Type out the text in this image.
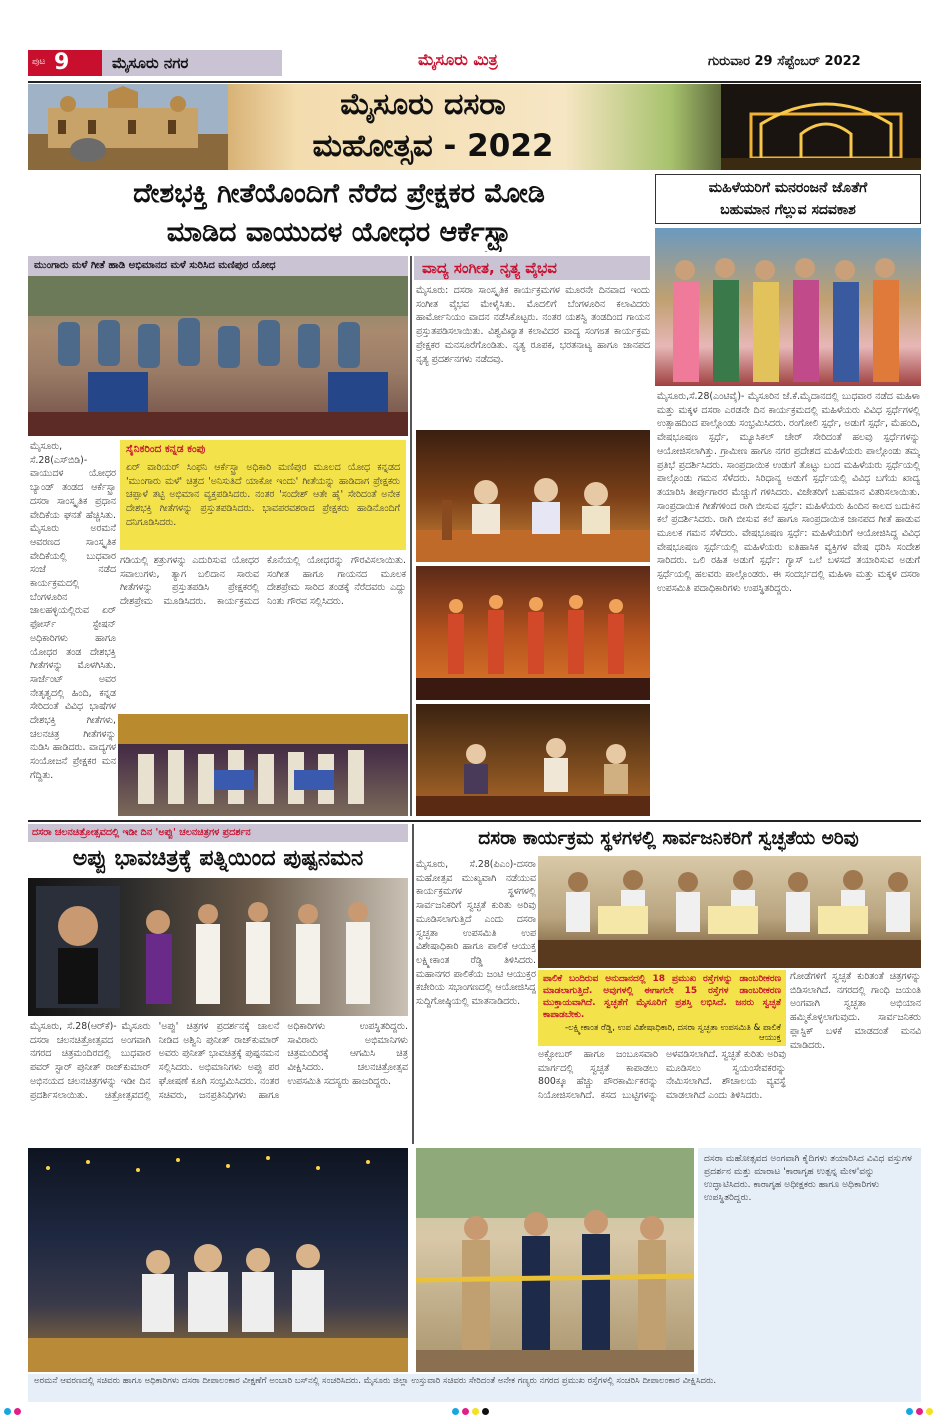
ಪುಟ 9	ಮೈಸೂರು ನಗರ	ಮೈಸೂರು ಮಿತ್ರ	ಗುರುವಾರ 29 ಸೆಪ್ಟೆಂಬರ್ 2022
ಮೈಸೂರು ದಸರಾ
ಮಹೋತ್ಸವ - 2022
ದೇಶಭಕ್ತಿ ಗೀತೆಯೊಂದಿಗೆ ನೆರೆದ ಪ್ರೇಕ್ಷಕರ ಮೋಡಿ
ಮಾಡಿದ ವಾಯುದಳ ಯೋಧರ ಆರ್ಕೆಸ್ಟ್ರಾ
ಮುಂಗಾರು ಮಳೆ ಗೀತೆ ಹಾಡಿ ಅಭಿಮಾನದ ಮಳೆ ಸುರಿಸಿದ ಮಣಿಪುರ ಯೋಧ
ಮೈಸೂರು, ಸೆ.28(ಎಸ್‌ಬಿಡಿ)- ವಾಯುದಳ ಯೋಧರ ಬ್ಯಾಂಡ್ ತಂಡದ ಆರ್ಕೆಸ್ಟ್ರಾ ದಸರಾ ಸಾಂಸ್ಕೃತಿಕ ಪ್ರಧಾನ ವೇದಿಕೆಯ ಘನತೆ ಹೆಚ್ಚಿಸಿತು. ಮೈಸೂರು ಅರಮನೆ ಆವರಣದ ಸಾಂಸ್ಕೃತಿಕ ವೇದಿಕೆಯಲ್ಲಿ ಬುಧವಾರ ಸಂಜೆ ನಡೆದ ಕಾರ್ಯಕ್ರಮದಲ್ಲಿ ಬೆಂಗಳೂರಿನ ಜಾಲಹಳ್ಳಿಯಲ್ಲಿರುವ ಏರ್ ಫೋರ್ಸ್ ಸ್ಟೇಷನ್ ಅಧಿಕಾರಿಗಳು ಹಾಗೂ ಯೋಧರ ತಂಡ ದೇಶಭಕ್ತಿ ಗೀತೆಗಳನ್ನು ಮೊಳಗಿಸಿತು. ಸಾರ್ಜೆಂಟ್ ಅವರ ನೇತೃತ್ವದಲ್ಲಿ ಹಿಂದಿ, ಕನ್ನಡ ಸೇರಿದಂತೆ ವಿವಿಧ ಭಾಷೆಗಳ ದೇಶಭಕ್ತಿ ಗೀತೆಗಳು, ಚಲನಚಿತ್ರ ಗೀತೆಗಳನ್ನು ನುಡಿಸಿ ಹಾಡಿದರು. ವಾದ್ಯಗಳ ಸಂಯೋಜನೆ ಪ್ರೇಕ್ಷಕರ ಮನ ಗೆದ್ದಿತು.
ಸೈನಿಕರಿಂದ ಕನ್ನಡ ಕಂಪು
ಏರ್ ವಾರಿಯರ್ ಸಿಂಫನಿ ಆರ್ಕೆಸ್ಟ್ರಾ ಅಧಿಕಾರಿ ಮಣಿಪುರ ಮೂಲದ ಯೋಧ ಕನ್ನಡದ 'ಮುಂಗಾರು ಮಳೆ' ಚಿತ್ರದ 'ಅನಿಸುತಿದೆ ಯಾಕೋ ಇಂದು' ಗೀತೆಯನ್ನು ಹಾಡಿದಾಗ ಪ್ರೇಕ್ಷಕರು ಚಪ್ಪಾಳೆ ತಟ್ಟಿ ಅಭಿಮಾನ ವ್ಯಕ್ತಪಡಿಸಿದರು. ನಂತರ 'ಸಂದೇಶ್ ಆತೇ ಹೈ' ಸೇರಿದಂತೆ ಅನೇಕ ದೇಶಭಕ್ತಿ ಗೀತೆಗಳನ್ನು ಪ್ರಸ್ತುತಪಡಿಸಿದರು. ಭಾವಪರವಶರಾದ ಪ್ರೇಕ್ಷಕರು ಹಾಡಿನೊಂದಿಗೆ ದನಿಗೂಡಿಸಿದರು.
ಗಡಿಯಲ್ಲಿ ಶತ್ರುಗಳನ್ನು ಎದುರಿಸುವ ಯೋಧರ ಸವಾಲುಗಳು, ತ್ಯಾಗ ಬಲಿದಾನ ಸಾರುವ ಗೀತೆಗಳನ್ನು ಪ್ರಸ್ತುತಪಡಿಸಿ ಪ್ರೇಕ್ಷಕರಲ್ಲಿ ದೇಶಪ್ರೇಮ ಮೂಡಿಸಿದರು. ಕಾರ್ಯಕ್ರಮದ ಕೊನೆಯಲ್ಲಿ ಯೋಧರನ್ನು ಗೌರವಿಸಲಾಯಿತು. ಸಂಗೀತ ಹಾಗೂ ಗಾಯನದ ಮೂಲಕ ದೇಶಪ್ರೇಮ ಸಾರಿದ ತಂಡಕ್ಕೆ ನೆರೆದವರು ಎದ್ದು ನಿಂತು ಗೌರವ ಸಲ್ಲಿಸಿದರು.
ವಾದ್ಯ ಸಂಗೀತ, ನೃತ್ಯ ವೈಭವ
ಮೈಸೂರು: ದಸರಾ ಸಾಂಸ್ಕೃತಿಕ ಕಾರ್ಯಕ್ರಮಗಳ ಮೂರನೇ ದಿನವಾದ ಇಂದು ಸಂಗೀತ ವೈಭವ ಮೇಳೈಸಿತು. ಮೊದಲಿಗೆ ಬೆಂಗಳೂರಿನ ಕಲಾವಿದರು ಹಾರ್ಮೋನಿಯಂ ವಾದನ ನಡೆಸಿಕೊಟ್ಟರು. ನಂತರ ಯಶಸ್ವಿ ತಂಡದಿಂದ ಗಾಯನ ಪ್ರಸ್ತುತಪಡಿಸಲಾಯಿತು. ವಿಶ್ವವಿಖ್ಯಾತ ಕಲಾವಿದರ ವಾದ್ಯ ಸಂಗ೮ತ ಕಾರ್ಯಕ್ರಮ ಪ್ರೇಕ್ಷಕರ ಮನಸೂರೆಗೊಂಡಿತು. ನೃತ್ಯ ರೂಪಕ, ಭರತನಾಟ್ಯ ಹಾಗೂ ಜಾನಪದ ನೃತ್ಯ ಪ್ರದರ್ಶನಗಳು ನಡೆದವು.
ಮಹಿಳೆಯರಿಗೆ ಮನರಂಜನೆ ಜೊತೆಗೆ
ಬಹುಮಾನ ಗೆಲ್ಲುವ ಸದವಕಾಶ
ಮೈಸೂರು,ಸೆ.28(ಎಂಟಿವೈ)- ಮೈಸೂರಿನ ಜೆ.ಕೆ.ಮೈದಾನದಲ್ಲಿ ಬುಧವಾರ ನಡೆದ ಮಹಿಳಾ ಮತ್ತು ಮಕ್ಕಳ ದಸರಾ ಎರಡನೇ ದಿನ ಕಾರ್ಯಕ್ರಮದಲ್ಲಿ ಮಹಿಳೆಯರು ವಿವಿಧ ಸ್ಪರ್ಧೆಗಳಲ್ಲಿ ಉತ್ಸಾಹದಿಂದ ಪಾಲ್ಗೊಂಡು ಸಂಭ್ರಮಿಸಿದರು. ರಂಗೋಲಿ ಸ್ಪರ್ಧೆ, ಅಡುಗೆ ಸ್ಪರ್ಧೆ, ಮೆಹಂದಿ, ವೇಷಭೂಷಣ ಸ್ಪರ್ಧೆ, ಮ್ಯೂಸಿಕಲ್ ಚೇರ್ ಸೇರಿದಂತೆ ಹಲವು ಸ್ಪರ್ಧೆಗಳನ್ನು ಆಯೋಜಿಸಲಾಗಿತ್ತು. ಗ್ರಾಮೀಣ ಹಾಗೂ ನಗರ ಪ್ರದೇಶದ ಮಹಿಳೆಯರು ಪಾಲ್ಗೊಂಡು ತಮ್ಮ ಪ್ರತಿಭೆ ಪ್ರದರ್ಶಿಸಿದರು. ಸಾಂಪ್ರದಾಯಿಕ ಉಡುಗೆ ತೊಟ್ಟು ಬಂದ ಮಹಿಳೆಯರು ಸ್ಪರ್ಧೆಯಲ್ಲಿ ಪಾಲ್ಗೊಂಡು ಗಮನ ಸೆಳೆದರು. ಸಿರಿಧಾನ್ಯ ಅಡುಗೆ ಸ್ಪರ್ಧೆಯಲ್ಲಿ ವಿವಿಧ ಬಗೆಯ ಖಾದ್ಯ ತಯಾರಿಸಿ ತೀರ್ಪುಗಾರರ ಮೆಚ್ಚುಗೆ ಗಳಿಸಿದರು. ವಿಜೇತರಿಗೆ ಬಹುಮಾನ ವಿತರಿಸಲಾಯಿತು. ಸಾಂಪ್ರದಾಯಿಕ ಗೀತೆಗಳಿಂದ ರಾಗಿ ಬೀಸುವ ಸ್ಪರ್ಧೆ: ಮಹಿಳೆಯರು ಹಿಂದಿನ ಕಾಲದ ಬದುಕಿನ ಕಲೆ ಪ್ರದರ್ಶಿಸಿದರು. ರಾಗಿ ಬೀಸುವ ಕಲೆ ಹಾಗೂ ಸಾಂಪ್ರದಾಯಿಕ ಜಾನಪದ ಗೀತೆ ಹಾಡುವ ಮೂಲಕ ಗಮನ ಸೆಳೆದರು. ವೇಷಭೂಷಣ ಸ್ಪರ್ಧೆ: ಮಹಿಳೆಯರಿಗೆ ಆಯೋಜಿಸಿದ್ದ ವಿವಿಧ ವೇಷಭೂಷಣ ಸ್ಪರ್ಧೆಯಲ್ಲಿ ಮಹಿಳೆಯರು ಐತಿಹಾಸಿಕ ವ್ಯಕ್ತಿಗಳ ವೇಷ ಧರಿಸಿ ಸಂದೇಶ ಸಾರಿದರು. ಒಲಿ ರಹಿತ ಅಡುಗೆ ಸ್ಪರ್ಧೆ: ಗ್ಯಾಸ್ ಒಲೆ ಬಳಸದೆ ತಯಾರಿಸುವ ಅಡುಗೆ ಸ್ಪರ್ಧೆಯಲ್ಲಿ ಹಲವರು ಪಾಲ್ಗೊಂಡರು. ಈ ಸಂದರ್ಭದಲ್ಲಿ ಮಹಿಳಾ ಮತ್ತು ಮಕ್ಕಳ ದಸರಾ ಉಪಸಮಿತಿ ಪದಾಧಿಕಾರಿಗಳು ಉಪಸ್ಥಿತರಿದ್ದರು.
ದಸರಾ ಚಲನಚಿತ್ರೋತ್ಸವದಲ್ಲಿ ಇಡೀ ದಿನ 'ಅಪ್ಪು' ಚಲನಚಿತ್ರಗಳ ಪ್ರದರ್ಶನ
ಅಪ್ಪು ಭಾವಚಿತ್ರಕ್ಕೆ ಪತ್ನಿಯಿಂದ ಪುಷ್ಪನಮನ
ಮೈಸೂರು, ಸೆ.28(ಆರ್‌ಕೆ)- ಮೈಸೂರು ದಸರಾ ಚಲನಚಿತ್ರೋತ್ಸವದ ಅಂಗವಾಗಿ ನಗರದ ಚಿತ್ರಮಂದಿರದಲ್ಲಿ ಬುಧವಾರ ಪವರ್ ಸ್ಟಾರ್ ಪುನೀತ್ ರಾಜ್‌ಕುಮಾರ್ ಅಭಿನಯದ ಚಲನಚಿತ್ರಗಳನ್ನು ಇಡೀ ದಿನ ಪ್ರದರ್ಶಿಸಲಾಯಿತು. ಚಿತ್ರೋತ್ಸವದಲ್ಲಿ 'ಅಪ್ಪು' ಚಿತ್ರಗಳ ಪ್ರದರ್ಶನಕ್ಕೆ ಚಾಲನೆ ನೀಡಿದ ಅಶ್ವಿನಿ ಪುನೀತ್ ರಾಜ್‌ಕುಮಾರ್ ಅವರು ಪುನೀತ್ ಭಾವಚಿತ್ರಕ್ಕೆ ಪುಷ್ಪನಮನ ಸಲ್ಲಿಸಿದರು. ಅಭಿಮಾನಿಗಳು ಅಪ್ಪು ಪರ ಘೋಷಣೆ ಕೂಗಿ ಸಂಭ್ರಮಿಸಿದರು. ನಂತರ ಸಚಿವರು, ಜನಪ್ರತಿನಿಧಿಗಳು ಹಾಗೂ ಅಧಿಕಾರಿಗಳು ಉಪಸ್ಥಿತರಿದ್ದರು. ಸಾವಿರಾರು ಅಭಿಮಾನಿಗಳು ಚಿತ್ರಮಂದಿರಕ್ಕೆ ಆಗಮಿಸಿ ಚಿತ್ರ ವೀಕ್ಷಿಸಿದರು. ಚಲನಚಿತ್ರೋತ್ಸವ ಉಪಸಮಿತಿ ಸದಸ್ಯರು ಹಾಜರಿದ್ದರು.
ದಸರಾ ಕಾರ್ಯಕ್ರಮ ಸ್ಥಳಗಳಲ್ಲಿ ಸಾರ್ವಜನಿಕರಿಗೆ ಸ್ವಚ್ಛತೆಯ ಅರಿವು
ಮೈಸೂರು, ಸೆ.28(ಪಿಎಂ)-ದಸರಾ ಮಹೋತ್ಸವ ಮುಖ್ಯವಾಗಿ ನಡೆಯುವ ಕಾರ್ಯಕ್ರಮಗಳ ಸ್ಥಳಗಳಲ್ಲಿ ಸಾರ್ವಜನಿಕರಿಗೆ ಸ್ವಚ್ಛತೆ ಕುರಿತು ಅರಿವು ಮೂಡಿಸಲಾಗುತ್ತಿದೆ ಎಂದು ದಸರಾ ಸ್ವಚ್ಛತಾ ಉಪಸಮಿತಿ ಉಪ ವಿಶೇಷಾಧಿಕಾರಿ ಹಾಗೂ ಪಾಲಿಕೆ ಆಯುಕ್ತ ಲಕ್ಷ್ಮೀಕಾಂತ ರೆಡ್ಡಿ ತಿಳಿಸಿದರು. ಮಹಾನಗರ ಪಾಲಿಕೆಯ ಜಂಟಿ ಆಯುಕ್ತರ ಕಚೇರಿಯ ಸಭಾಂಗಣದಲ್ಲಿ ಆಯೋಜಿಸಿದ್ದ ಸುದ್ದಿಗೋಷ್ಠಿಯಲ್ಲಿ ಮಾತನಾಡಿದರು.
ಪಾಲಿಕೆ ಬಂದಿರುವ ಅನುದಾನದಲ್ಲಿ 18 ಪ್ರಮುಖ ರಸ್ತೆಗಳನ್ನು ಡಾಂಬರೀಕರಣ ಮಾಡಲಾಗುತ್ತಿದೆ. ಅವುಗಳಲ್ಲಿ ಈಗಾಗಲೇ 15 ರಸ್ತೆಗಳ ಡಾಂಬರೀಕರಣ ಮುಕ್ತಾಯವಾಗಿದೆ. ಸ್ವಚ್ಛತೆಗೆ ಮೈಸೂರಿಗೆ ಪ್ರಶಸ್ತಿ ಲಭಿಸಿದೆ. ಜನರು ಸ್ವಚ್ಛತೆ ಕಾಪಾಡಬೇಕು.
-ಲಕ್ಷ್ಮೀಕಾಂತ ರೆಡ್ಡಿ, ಉಪ ವಿಶೇಷಾಧಿಕಾರಿ, ದಸರಾ ಸ್ವಚ್ಛತಾ ಉಪಸಮಿತಿ & ಪಾಲಿಕೆ ಆಯುಕ್ತ
ಗೋಡೆಗಳಿಗೆ ಸ್ವಚ್ಛತೆ ಕುರಿತಂತೆ ಚಿತ್ರಗಳನ್ನು ಬಿಡಿಸಲಾಗಿದೆ. ನಗರದಲ್ಲಿ ಗಾಂಧಿ ಜಯಂತಿ ಅಂಗವಾಗಿ ಸ್ವಚ್ಛತಾ ಅಭಿಯಾನ ಹಮ್ಮಿಕೊಳ್ಳಲಾಗುವುದು. ಸಾರ್ವಜನಿಕರು ಪ್ಲಾಸ್ಟಿಕ್ ಬಳಕೆ ಮಾಡದಂತೆ ಮನವಿ ಮಾಡಿದರು.
ಅಕ್ಟೋಬರ್ ಹಾಗೂ ಜಂಬೂಸವಾರಿ ಮಾರ್ಗದಲ್ಲಿ ಸ್ವಚ್ಛತೆ ಕಾಪಾಡಲು 800ಕ್ಕೂ ಹೆಚ್ಚು ಪೌರಕಾರ್ಮಿಕರನ್ನು ನಿಯೋಜಿಸಲಾಗಿದೆ. ಕಸದ ಬುಟ್ಟಿಗಳನ್ನು ಅಳವಡಿಸಲಾಗಿದೆ. ಸ್ವಚ್ಛತೆ ಕುರಿತು ಅರಿವು ಮೂಡಿಸಲು ಸ್ವಯಂಸೇವಕರನ್ನು ನೇಮಿಸಲಾಗಿದೆ. ಶೌಚಾಲಯ ವ್ಯವಸ್ಥೆ ಮಾಡಲಾಗಿದೆ ಎಂದು ತಿಳಿಸಿದರು.
ದಸರಾ ಮಹೋತ್ಸವದ ಅಂಗವಾಗಿ ಕೈದಿಗಳು ತಯಾರಿಸಿದ ವಿವಿಧ ವಸ್ತುಗಳ ಪ್ರದರ್ಶನ ಮತ್ತು ಮಾರಾಟ 'ಕಾರಾಗೃಹ ಉತ್ಪನ್ನ ಮೇಳ'ವನ್ನು ಉದ್ಘಾಟಿಸಿದರು. ಕಾರಾಗೃಹ ಅಧೀಕ್ಷಕರು ಹಾಗೂ ಅಧಿಕಾರಿಗಳು ಉಪಸ್ಥಿತರಿದ್ದರು.
ಅರಮನೆ ಆವರಣದಲ್ಲಿ ಸಚಿವರು ಹಾಗೂ ಅಧಿಕಾರಿಗಳು ದಸರಾ ದೀಪಾಲಂಕಾರ ವೀಕ್ಷಣೆಗೆ ಅಂಬಾರಿ ಬಸ್‌ನಲ್ಲಿ ಸಂಚರಿಸಿದರು. ಮೈಸೂರು ಜಿಲ್ಲಾ ಉಸ್ತುವಾರಿ ಸಚಿವರು ಸೇರಿದಂತೆ ಅನೇಕ ಗಣ್ಯರು ನಗರದ ಪ್ರಮುಖ ರಸ್ತೆಗಳಲ್ಲಿ ಸಂಚರಿಸಿ ದೀಪಾಲಂಕಾರ ವೀಕ್ಷಿಸಿದರು.
